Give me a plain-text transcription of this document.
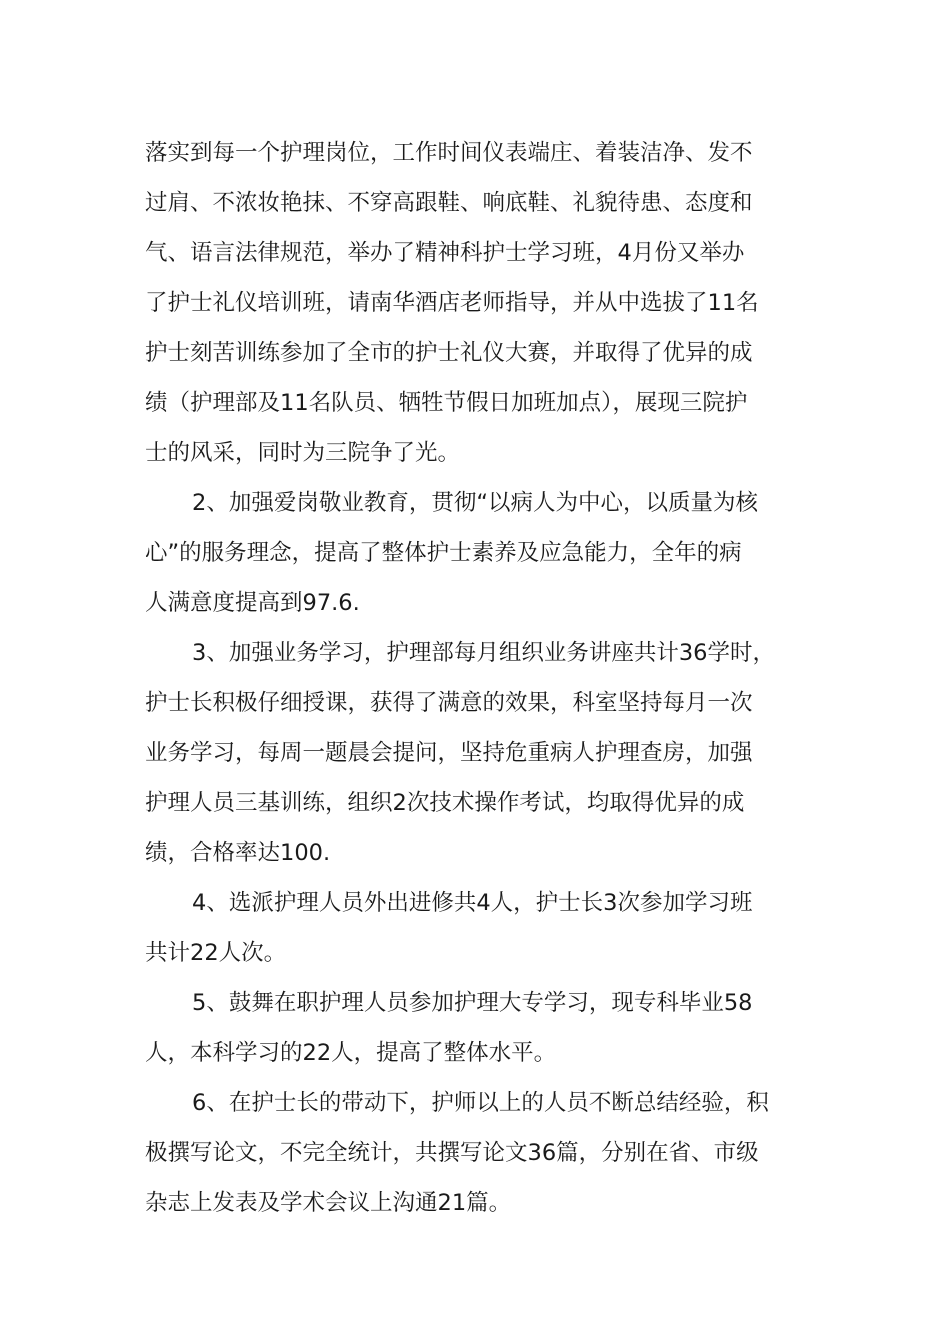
落实到每一个护理岗位，工作时间仪表端庄、着装洁净、发不
过肩、不浓妆艳抹、不穿高跟鞋、响底鞋、礼貌待患、态度和
气、语言法律规范，举办了精神科护士学习班，4月份又举办
了护士礼仪培训班，请南华酒店老师指导，并从中选拔了11名
护士刻苦训练参加了全市的护士礼仪大赛，并取得了优异的成
绩（护理部及11名队员、牺牲节假日加班加点），展现三院护
士的风采，同时为三院争了光。
2、加强爱岗敬业教育，贯彻“以病人为中心，以质量为核
心”的服务理念，提高了整体护士素养及应急能力，全年的病
人满意度提高到97.6.
3、加强业务学习，护理部每月组织业务讲座共计36学时，
护士长积极仔细授课，获得了满意的效果，科室坚持每月一次
业务学习，每周一题晨会提问，坚持危重病人护理查房，加强
护理人员三基训练，组织2次技术操作考试，均取得优异的成
绩，合格率达100.
4、选派护理人员外出进修共4人，护士长3次参加学习班
共计22人次。
5、鼓舞在职护理人员参加护理大专学习，现专科毕业58
人，本科学习的22人，提高了整体水平。
6、在护士长的带动下，护师以上的人员不断总结经验，积
极撰写论文，不完全统计，共撰写论文36篇，分别在省、市级
杂志上发表及学术会议上沟通21篇。
